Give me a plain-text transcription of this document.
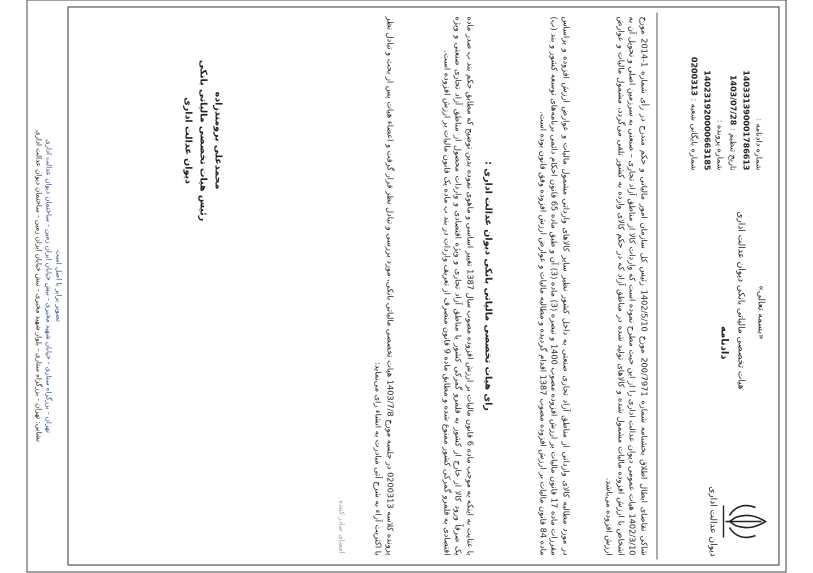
دیوان عدالت اداری
«بسمه تعالی»
هیات تخصصی مالیاتی بانکی دیوان عدالت اداری
دادنامه
شماره دادنامه : 140331390001786613
تاریخ تنظیم : 1403/07/28
شماره پرونده : 140231920000663185
شماره بایگانی شعبه : 0200313
شاکی تقاضای ابطال اطلاق بخشنامه شماره 200/7971 مورخ 1402/5/10 رئیس کل سازمان امور مالیاتی و حکم مندرج در رأی شماره 1-2014 مورخ 1402/3/10 هیات عمومی دیوان عدالت اداری را از این حیث مطرح نموده است که واردات کالا از مناطق آزاد تجاری – صنعتی به سرزمین اصلی و تحویل آن به اشخاص با ارزش افزوده مالیات مشمول شده و کالاهای تولید شده در مناطق آزاد که در حکم کالای وارده به کشور تلقی می‌گردد، مشمول مالیات و عوارض ارزش افزوده می‌باشد.
در مورد مطالبه کالای وارداتی از مناطق آزاد تجاری صنعتی به داخل کشور نظیر سایر کالاهای وارداتی مشمول مالیات و عوارض ارزش افزوده و براساس مقررات ماده 17 قانون مالیات بر ارزش افزوده مصوب 1400 و تبصره (3) ماده (3) آن و طبق ماده 65 قانون احکام دائمی برنامه‌های توسعه کشور و بند (ب) ماده 84 قانون مالیات بر ارزش افزوده مصوب 1387 اقدام گردیده و مطالبه مالیات و عوارض ارزش افزوده وفق قانون بوده است.
رای هیات تخصصی مالیاتی بانکی دیوان عدالت اداری :
با عنایت به اینکه به موجب ماده 6 قانون مالیات بر ارزش افزوده مصوب سال 1387 تغییر اساسی و ماهوی نموده بدین توضیح که مطابق حکم بند ب صدر ماده یک صرفاً ورود کالا از خارج از کشور به قلمرو گمرکی کشور یا مناطق آزاد تجاری و ویژه اقتصادی و واردات محصول از مناطق آزاد تجاری صنعتی و ویژه اقتصادی به قلمرو گمرکی کشور ممنوع شده و مطابق ماده 9 قانون منصرف از تعریف واردات در بند ب ماده یک قانون مالیات بر ارزش افزوده است.
پرونده کلاسه 0200313 در جلسه مورخ 1403/7/8 هیات تخصصی مالیاتی بانکی، مورد بررسی و تبادل نظر قرار گرفت و اعضاء هیات پس از بحث و تبادل نظر با اکثریت آراء به شرح آتی مبادرت به انشاء رای می‌نماید:
امضای صادر کننده
محمدعلی برومندزاده
رئیس هیات تخصصی مالیاتی بانکی
دیوان عدالت اداری
تصویر برابر با اصل است
تهران - بزرگراه ستاری - خیابان شهید مخبری - نبش خیابان ایران زمین - ساختمان دیوان عدالت اداری
نشانی: تهران - بزرگراه ستاری - بلوار شهید مخبری - نبش خیابان ایران زمین - ساختمان دیوان عدالت اداری
